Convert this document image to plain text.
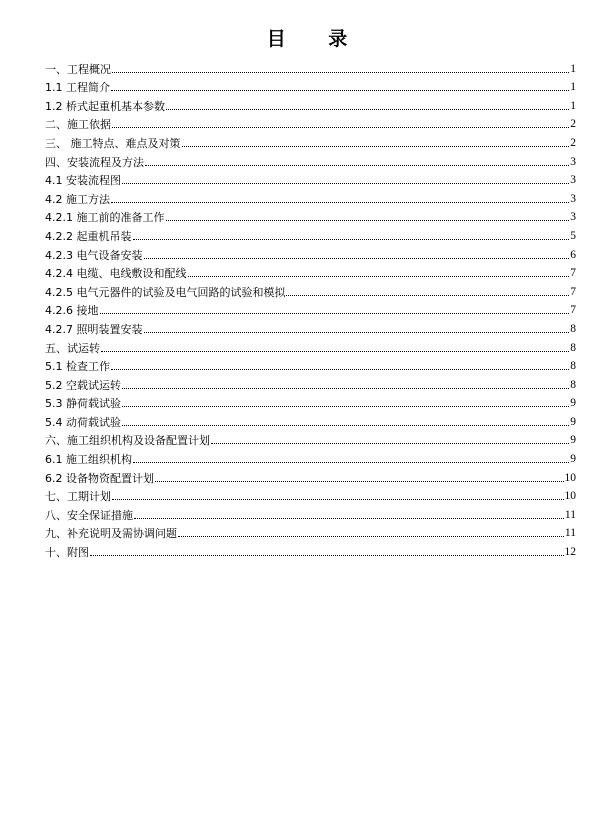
目 录
一、工程概况	1
1.1 工程简介	1
1.2 桥式起重机基本参数	1
二、施工依据	2
三、 施工特点、难点及对策	2
四、安装流程及方法	3
4.1 安装流程图	3
4.2 施工方法	3
4.2.1 施工前的准备工作	3
4.2.2 起重机吊装	5
4.2.3 电气设备安装	6
4.2.4 电缆、电线敷设和配线	7
4.2.5 电气元器件的试验及电气回路的试验和模拟	7
4.2.6 接地	7
4.2.7 照明装置安装	8
五、试运转	8
5.1 检查工作	8
5.2 空载试运转	8
5.3 静荷载试验	9
5.4 动荷载试验	9
六、施工组织机构及设备配置计划	9
6.1 施工组织机构	9
6.2 设备物资配置计划	10
七、工期计划	10
八、安全保证措施	11
九、补充说明及需协调问题	11
十、附图	12
